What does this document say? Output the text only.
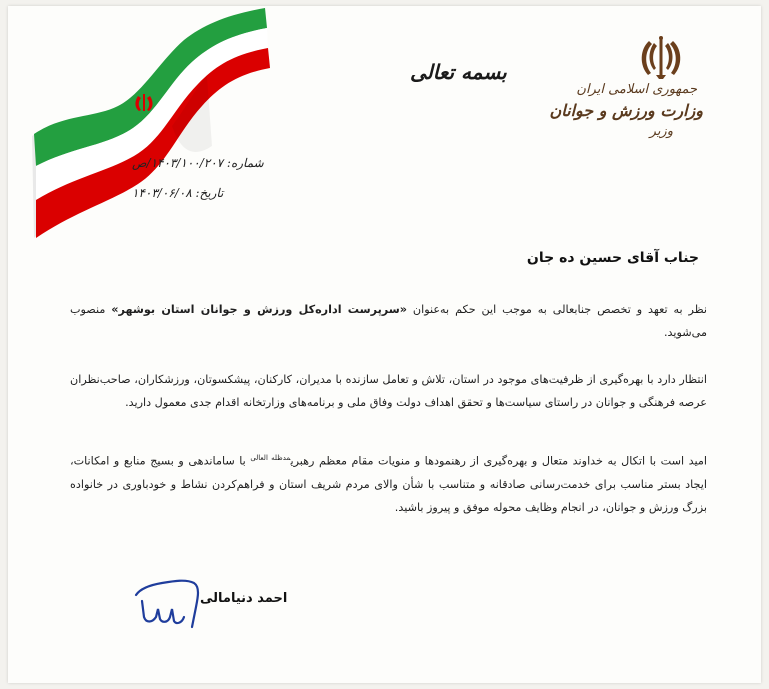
جمهوری اسلامی ایران
وزارت ورزش و جوانان
وزیر
بسمه تعالی
شماره: ۱۴۰۳/۱۰۰/۲۰۷/ص
تاریخ: ۱۴۰۳/۰۶/۰۸
جناب آقای حسین ده جان
نظر به تعهد و تخصص جنابعالی به موجب این حکم به‌عنوان «سرپرست اداره‌کل ورزش و جوانان استان بوشهر» منصوب می‌شوید.
انتظار دارد با بهره‌گیری از ظرفیت‌های موجود در استان، تلاش و تعامل سازنده با مدیران، کارکنان، پیشکسوتان، ورزشکاران، صاحب‌نظران عرصه فرهنگی و جوانان در راستای سیاست‌ها و تحقق اهداف دولت وفاق ملی و برنامه‌های وزارتخانه اقدام جدی معمول دارید.
امید است با اتکال به خداوند متعال و بهره‌گیری از رهنمودها و منویات مقام معظم رهبری$^{مدظله العالی}$ با ساماندهی و بسیج منابع و امکانات، ایجاد بستر مناسب برای خدمت‌رسانی صادقانه و متناسب با شأن والای مردم شریف استان و فراهم‌کردن نشاط و خودباوری در خانواده بزرگ ورزش و جوانان، در انجام وظایف محوله موفق و پیروز باشید.
احمد دنیامالی
